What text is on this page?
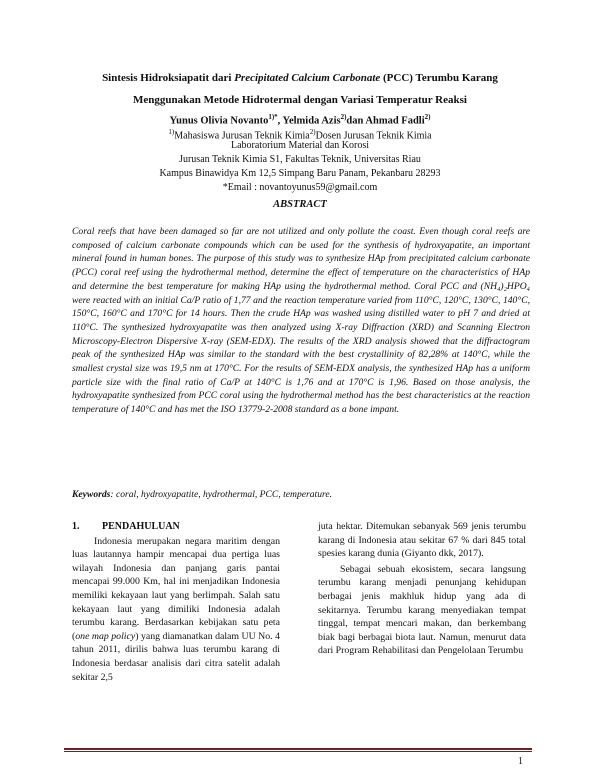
Sintesis Hidroksiapatit dari Precipitated Calcium Carbonate (PCC) Terumbu Karang
Menggunakan Metode Hidrotermal dengan Variasi Temperatur Reaksi
Yunus Olivia Novanto$^{1)*}$, Yelmida Azis$^{2)}$dan Ahmad Fadli$^{2)}$
$^{1)}$Mahasiswa Jurusan Teknik Kimia$^{2)}$Dosen Jurusan Teknik Kimia
Laboratorium Material dan Korosi
Jurusan Teknik Kimia S1, Fakultas Teknik, Universitas Riau
Kampus Binawidya Km 12,5 Simpang Baru Panam, Pekanbaru 28293
*Email : novantoyunus59@gmail.com
ABSTRACT

Coral reefs that have been damaged so far are not utilized and only pollute the coast. Even though coral reefs are composed of calcium carbonate compounds which can be used for the synthesis of hydroxyapatite, an important mineral found in human bones. The purpose of this study was to synthesize HAp from precipitated calcium carbonate (PCC) coral reef using the hydrothermal method, determine the effect of temperature on the characteristics of HAp and determine the best temperature for making HAp using the hydrothermal method. Coral PCC and (NH₄)₂HPO₄ were reacted with an initial Ca/P ratio of 1,77 and the reaction temperature varied from 110°C, 120°C, 130°C, 140°C, 150°C, 160°C and 170°C for 14 hours. Then the crude HAp was washed using distilled water to pH 7 and dried at 110°C. The synthesized hydroxyapatite was then analyzed using X-ray Diffraction (XRD) and Scanning Electron Microscopy-Electron Dispersive X-ray (SEM-EDX). The results of the XRD analysis showed that the diffractogram peak of the synthesized HAp was similar to the standard with the best crystallinity of 82,28% at 140°C, while the smallest crystal size was 19,5 nm at 170°C. For the results of SEM-EDX analysis, the synthesized HAp has a uniform particle size with the final ratio of Ca/P at 140°C is 1,76 and at 170°C is 1,96. Based on those analysis, the hydroxyapatite synthesized from PCC coral using the hydrothermal method has the best characteristics at the reaction temperature of 140°C and has met the ISO 13779-2-2008 standard as a bone impant.

Keywords: coral, hydroxyapatite, hydrothermal, PCC, temperature.

1. PENDAHULUAN

Indonesia merupakan negara maritim dengan luas lautannya hampir mencapai dua pertiga luas wilayah Indonesia dan panjang garis pantai mencapai 99.000 Km, hal ini menjadikan Indonesia memiliki kekayaan laut yang berlimpah. Salah satu kekayaan laut yang dimiliki Indonesia adalah terumbu karang. Berdasarkan kebijakan satu peta (one map policy) yang diamanatkan dalam UU No. 4 tahun 2011, dirilis bahwa luas terumbu karang di Indonesia berdasar analisis dari citra satelit adalah sekitar 2,5

juta hektar. Ditemukan sebanyak 569 jenis terumbu karang di Indonesia atau sekitar 67 % dari 845 total spesies karang dunia (Giyanto dkk, 2017).

Sebagai sebuah ekosistem, secara langsung terumbu karang menjadi penunjang kehidupan berbagai jenis makhluk hidup yang ada di sekitarnya. Terumbu karang menyediakan tempat tinggal, tempat mencari makan, dan berkembang biak bagi berbagai biota laut. Namun, menurut data dari Program Rehabilitasi dan Pengelolaan Terumbu

1
